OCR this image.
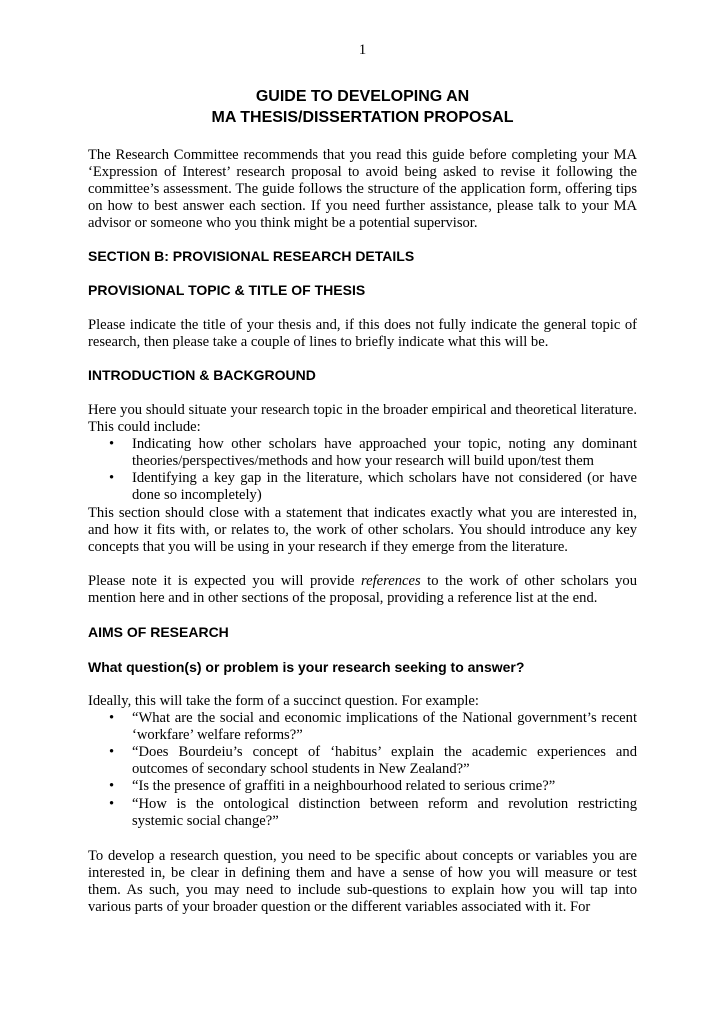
1
GUIDE TO DEVELOPING AN
MA THESIS/DISSERTATION PROPOSAL

The Research Committee recommends that you read this guide before completing your MA ‘Expression of Interest’ research proposal to avoid being asked to revise it following the committee’s assessment. The guide follows the structure of the application form, offering tips on how to best answer each section. If you need further assistance, please talk to your MA advisor or someone who you think might be a potential supervisor.

SECTION B: PROVISIONAL RESEARCH DETAILS
PROVISIONAL TOPIC & TITLE OF THESIS

Please indicate the title of your thesis and, if this does not fully indicate the general topic of research, then please take a couple of lines to briefly indicate what this will be.

INTRODUCTION & BACKGROUND
Here you should situate your research topic in the broader empirical and theoretical literature. This could include:
• Indicating how other scholars have approached your topic, noting any dominant theories/perspectives/methods and how your research will build upon/test them
• Identifying a key gap in the literature, which scholars have not considered (or have done so incompletely)
This section should close with a statement that indicates exactly what you are interested in, and how it fits with, or relates to, the work of other scholars. You should introduce any key concepts that you will be using in your research if they emerge from the literature.

Please note it is expected you will provide references to the work of other scholars you mention here and in other sections of the proposal, providing a reference list at the end.

AIMS OF RESEARCH
What question(s) or problem is your research seeking to answer?
Ideally, this will take the form of a succinct question. For example:
• “What are the social and economic implications of the National government’s recent ‘workfare’ welfare reforms?”
• “Does Bourdeiu’s concept of ‘habitus’ explain the academic experiences and outcomes of secondary school students in New Zealand?”
• “Is the presence of graffiti in a neighbourhood related to serious crime?”
• “How is the ontological distinction between reform and revolution restricting systemic social change?”

To develop a research question, you need to be specific about concepts or variables you are interested in, be clear in defining them and have a sense of how you will measure or test them. As such, you may need to include sub-questions to explain how you will tap into various parts of your broader question or the different variables associated with it. For
